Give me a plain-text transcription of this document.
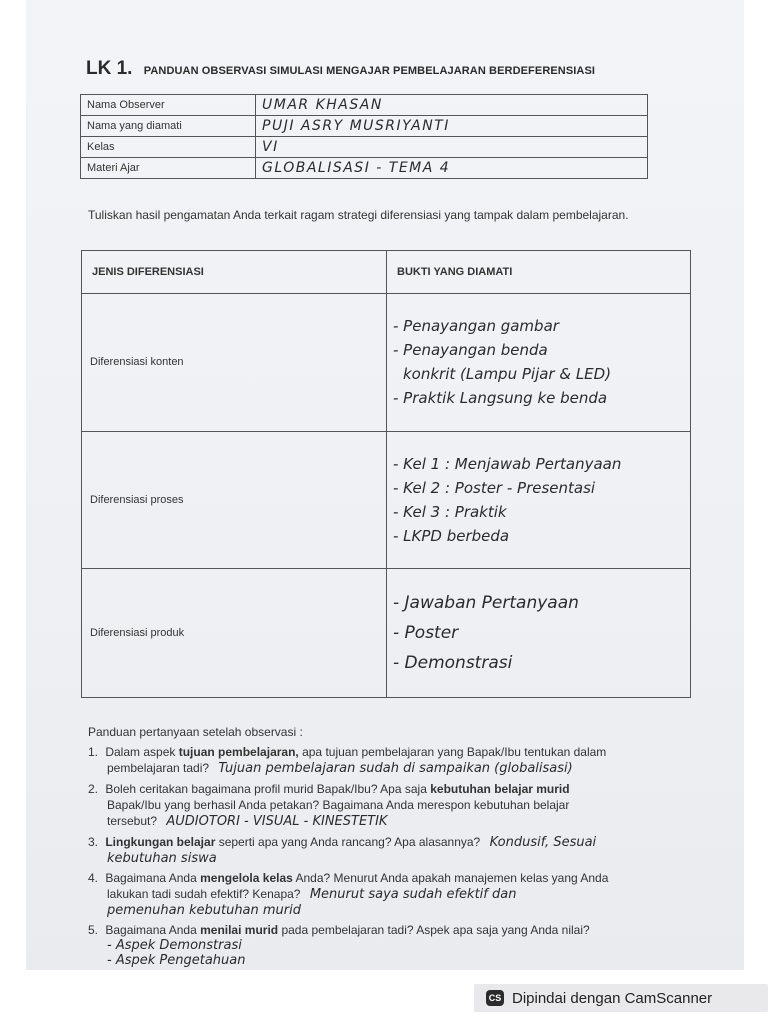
LK 1. PANDUAN OBSERVASI SIMULASI MENGAJAR PEMBELAJARAN BERDEFERENSIASI
Nama Observer	UMAR KHASAN
Nama yang diamati	PUJI ASRY MUSRIYANTI
Kelas	VI
Materi Ajar	GLOBALISASI - TEMA 4
Tuliskan hasil pengamatan Anda terkait ragam strategi diferensiasi yang tampak dalam pembelajaran.
JENIS DIFERENSIASI	BUKTI YANG DIAMATI
Diferensiasi konten	- Penayangan gambar
- Penayangan benda
konkrit (Lampu Pijar & LED)
- Praktik Langsung ke benda

Diferensiasi proses	- Kel 1 : Menjawab Pertanyaan
- Kel 2 : Poster - Presentasi
- Kel 3 : Praktik
- LKPD berbeda

Diferensiasi produk	- Jawaban Pertanyaan
- Poster
- Demonstrasi
Panduan pertanyaan setelah observasi :
1. Dalam aspek tujuan pembelajaran, apa tujuan pembelajaran yang Bapak/Ibu tentukan dalam
pembelajaran tadi? Tujuan pembelajaran sudah di sampaikan (globalisasi)
2. Boleh ceritakan bagaimana profil murid Bapak/Ibu? Apa saja kebutuhan belajar murid
Bapak/Ibu yang berhasil Anda petakan? Bagaimana Anda merespon kebutuhan belajar
tersebut? AUDIOTORI - VISUAL - KINESTETIK
3. Lingkungan belajar seperti apa yang Anda rancang? Apa alasannya? Kondusif, Sesuai
kebutuhan siswa
4. Bagaimana Anda mengelola kelas Anda? Menurut Anda apakah manajemen kelas yang Anda
lakukan tadi sudah efektif? Kenapa? Menurut saya sudah efektif dan
pemenuhan kebutuhan murid
5. Bagaimana Anda menilai murid pada pembelajaran tadi? Aspek apa saja yang Anda nilai?
- Aspek Demonstrasi
- Aspek Pengetahuan
CS Dipindai dengan CamScanner
